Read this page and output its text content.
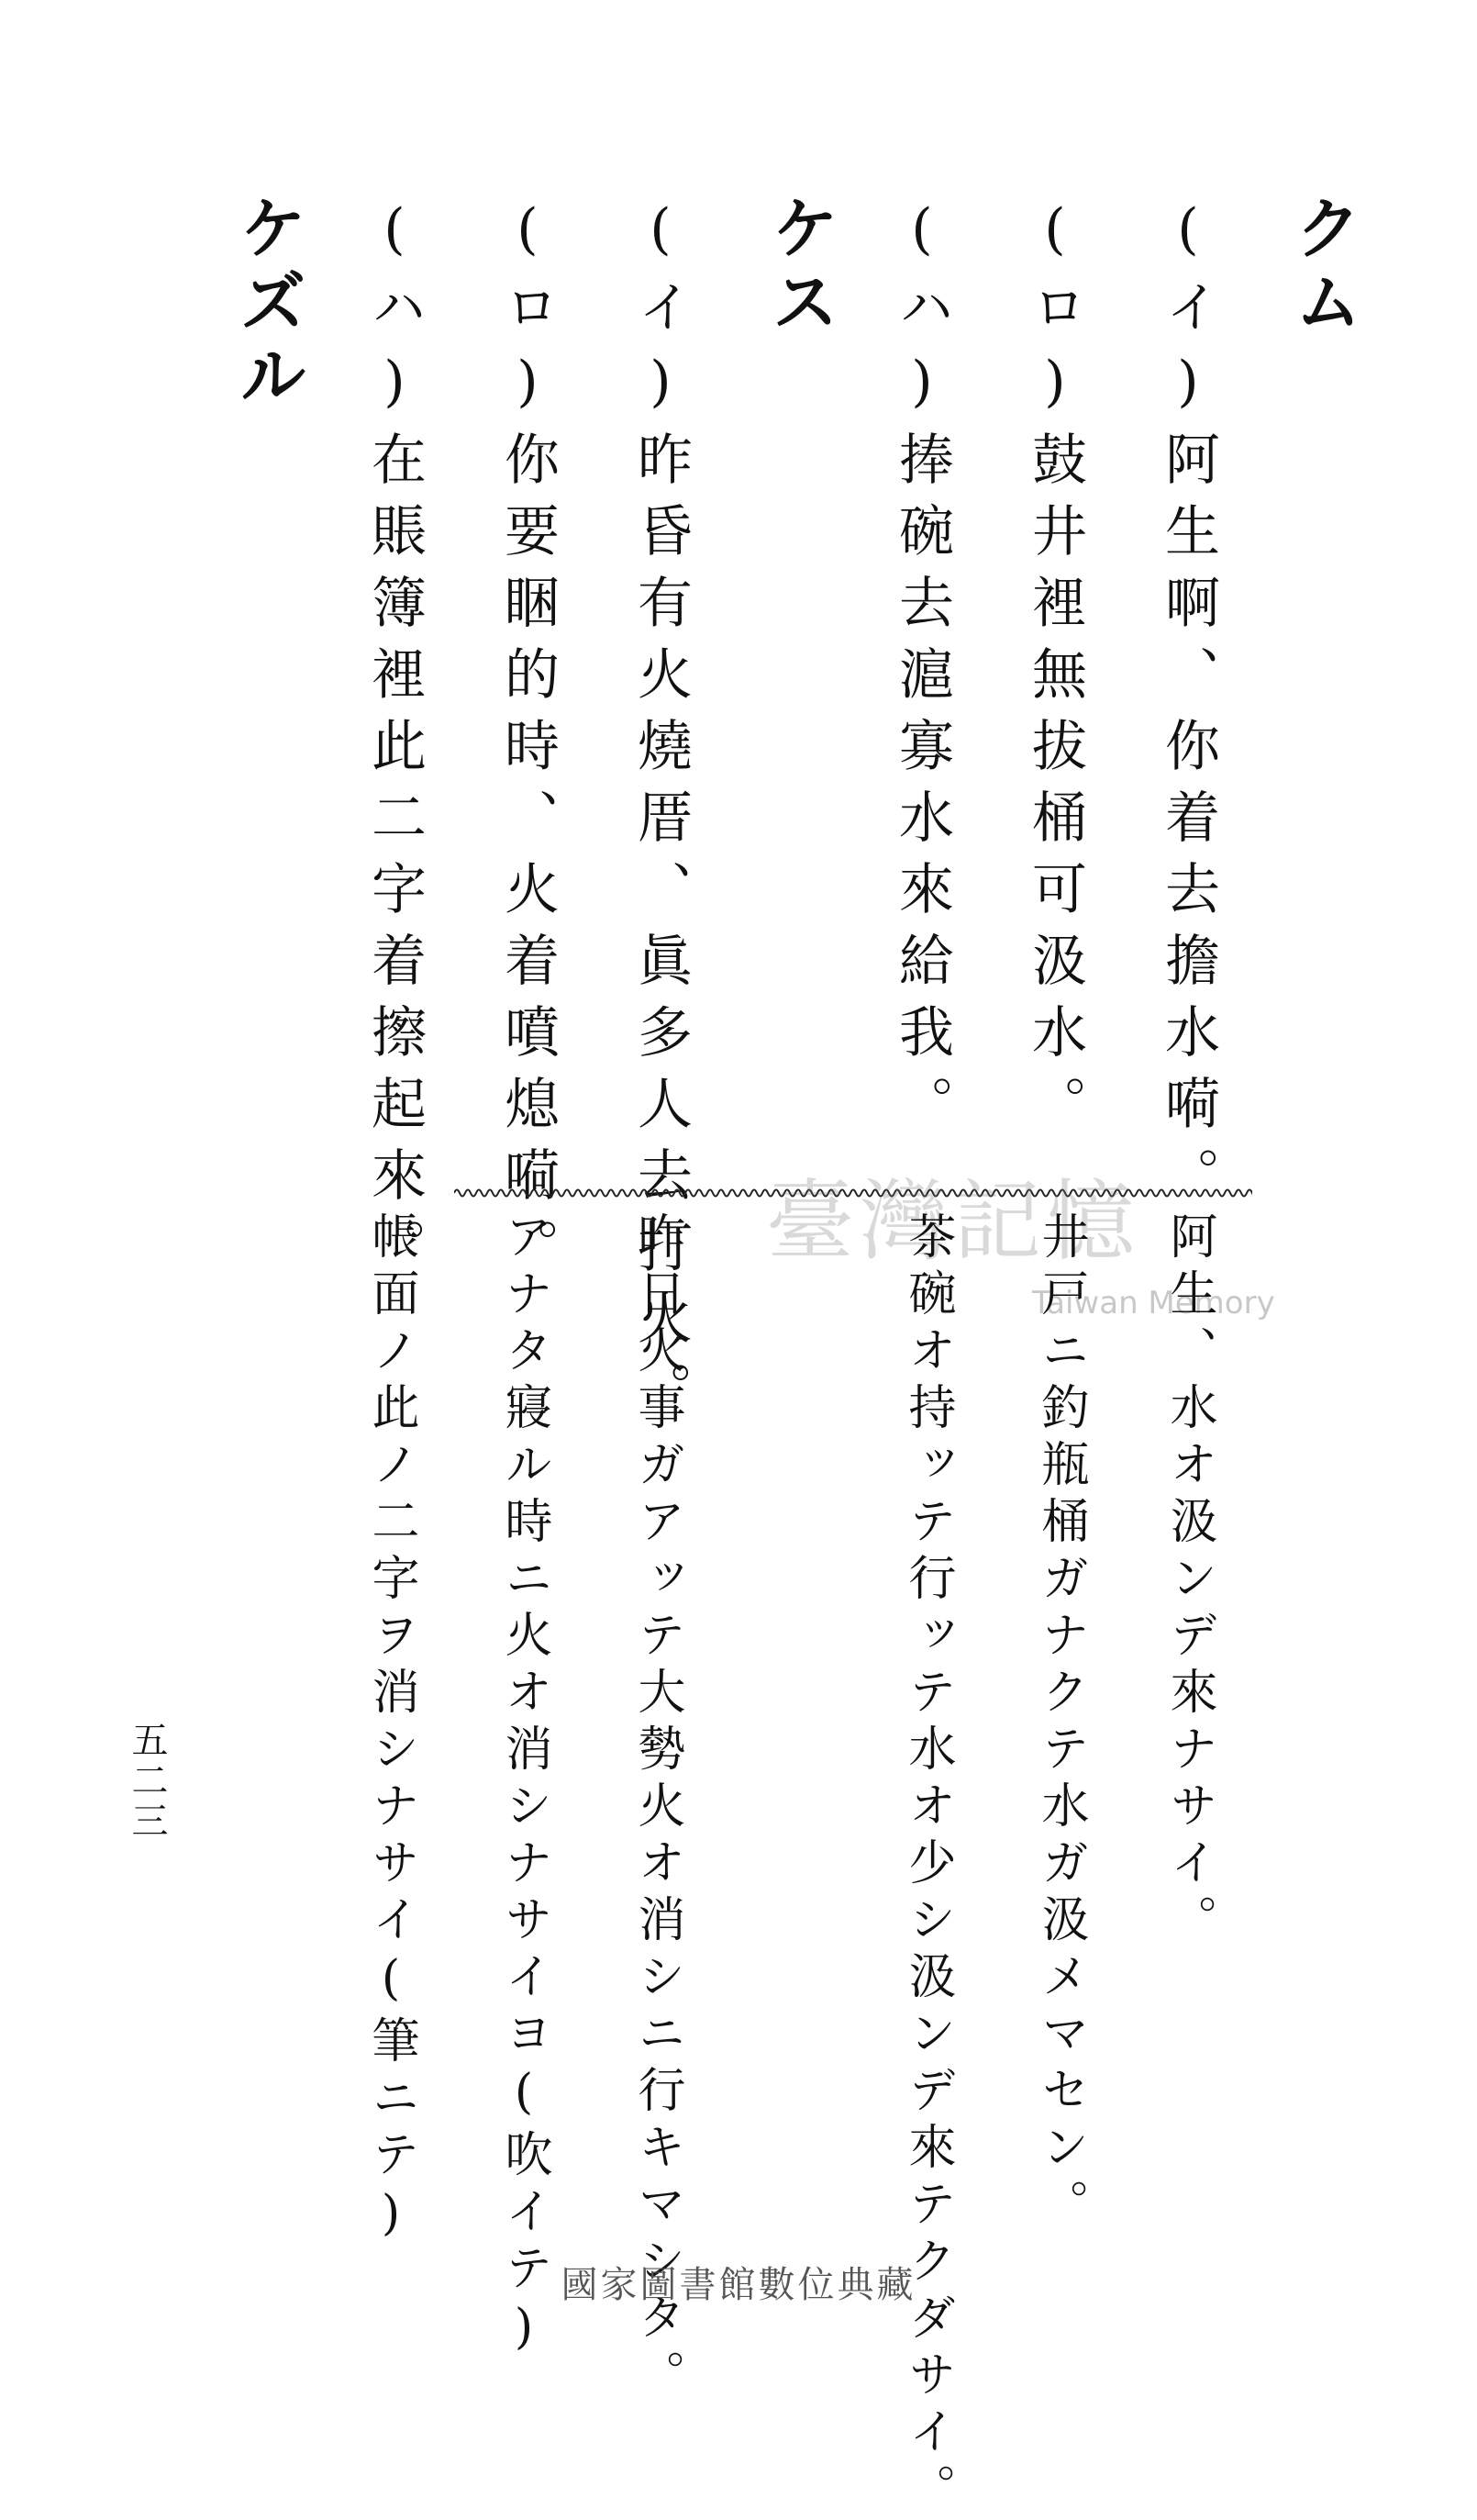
クム
ケス
ケズル	(イ)阿生啊、你着去擔水嗬。
(ロ)鼓井裡無拔桶可汲水。
(ハ)捧碗去滬寡水來給我。
(イ)昨昏有火燒厝、眞多人去打火。
(ロ)你要睏的時、火着噴熄嗬。
(ハ)在賬簿裡此二字着擦起來。	臺灣記憶
Taiwan Memory
阿生、水オ汲ンデ來ナサイ。
井戸ニ釣瓶桶ガナクテ水ガ汲メマセン。
茶碗オ持ッテ行ッテ水オ少シ汲ンデ來テクダサイ。
昨日火事ガアッテ大勢火オ消シニ行キマシタ。
アナタ寢ル時ニ火オ消シナサイヨ(吹イテ)
帳面ノ此ノ二字ヲ消シナサイ(筆ニテ)
五二三
國家圖書館數位典藏
